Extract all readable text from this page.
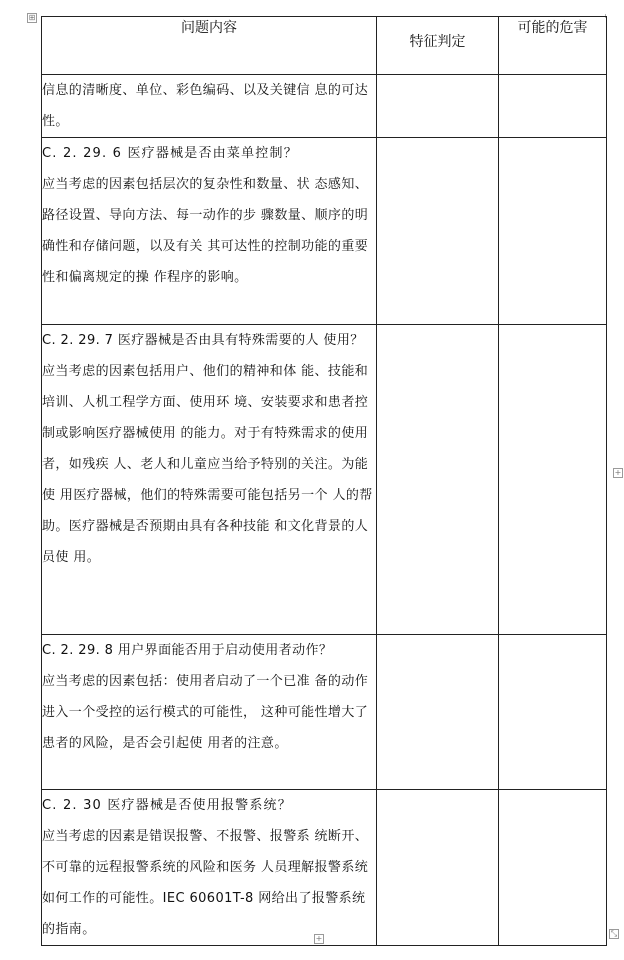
⊞
+
+
⤡
问题内容	特征判定	可能的危害

信息的清晰度、单位、彩色编码、以及关键信 息的可达性。		

C. 2. 29. 6 医疗器械是否由菜单控制？
应当考虑的因素包括层次的复杂性和数量、状 态感知、路径设置、导向方法、每一动作的步 骤数量、顺序的明确性和存储问题，以及有关 其可达性的控制功能的重要性和偏离规定的操 作程序的影响。		

C. 2. 29. 7 医疗器械是否由具有特殊需要的人 使用？
应当考虑的因素包括用户、他们的精神和体 能、技能和培训、人机工程学方面、使用环 境、安装要求和患者控制或影响医疗器械使用 的能力。对于有特殊需求的使用者，如残疾 人、老人和儿童应当给予特别的关注。为能使 用医疗器械，他们的特殊需要可能包括另一个 人的帮助。医疗器械是否预期由具有各种技能 和文化背景的人员使 用。		

C. 2. 29. 8 用户界面能否用于启动使用者动作？
应当考虑的因素包括：使用者启动了一个已准 备的动作进入一个受控的运行模式的可能性， 这种可能性增大了患者的风险，是否会引起使 用者的注意。		

C. 2. 30 医疗器械是否使用报警系统？
应当考虑的因素是错误报警、不报警、报警系 统断开、不可靠的远程报警系统的风险和医务 人员理解报警系统如何工作的可能性。IEC 60601T-8 网给出了报警系统的指南。		
